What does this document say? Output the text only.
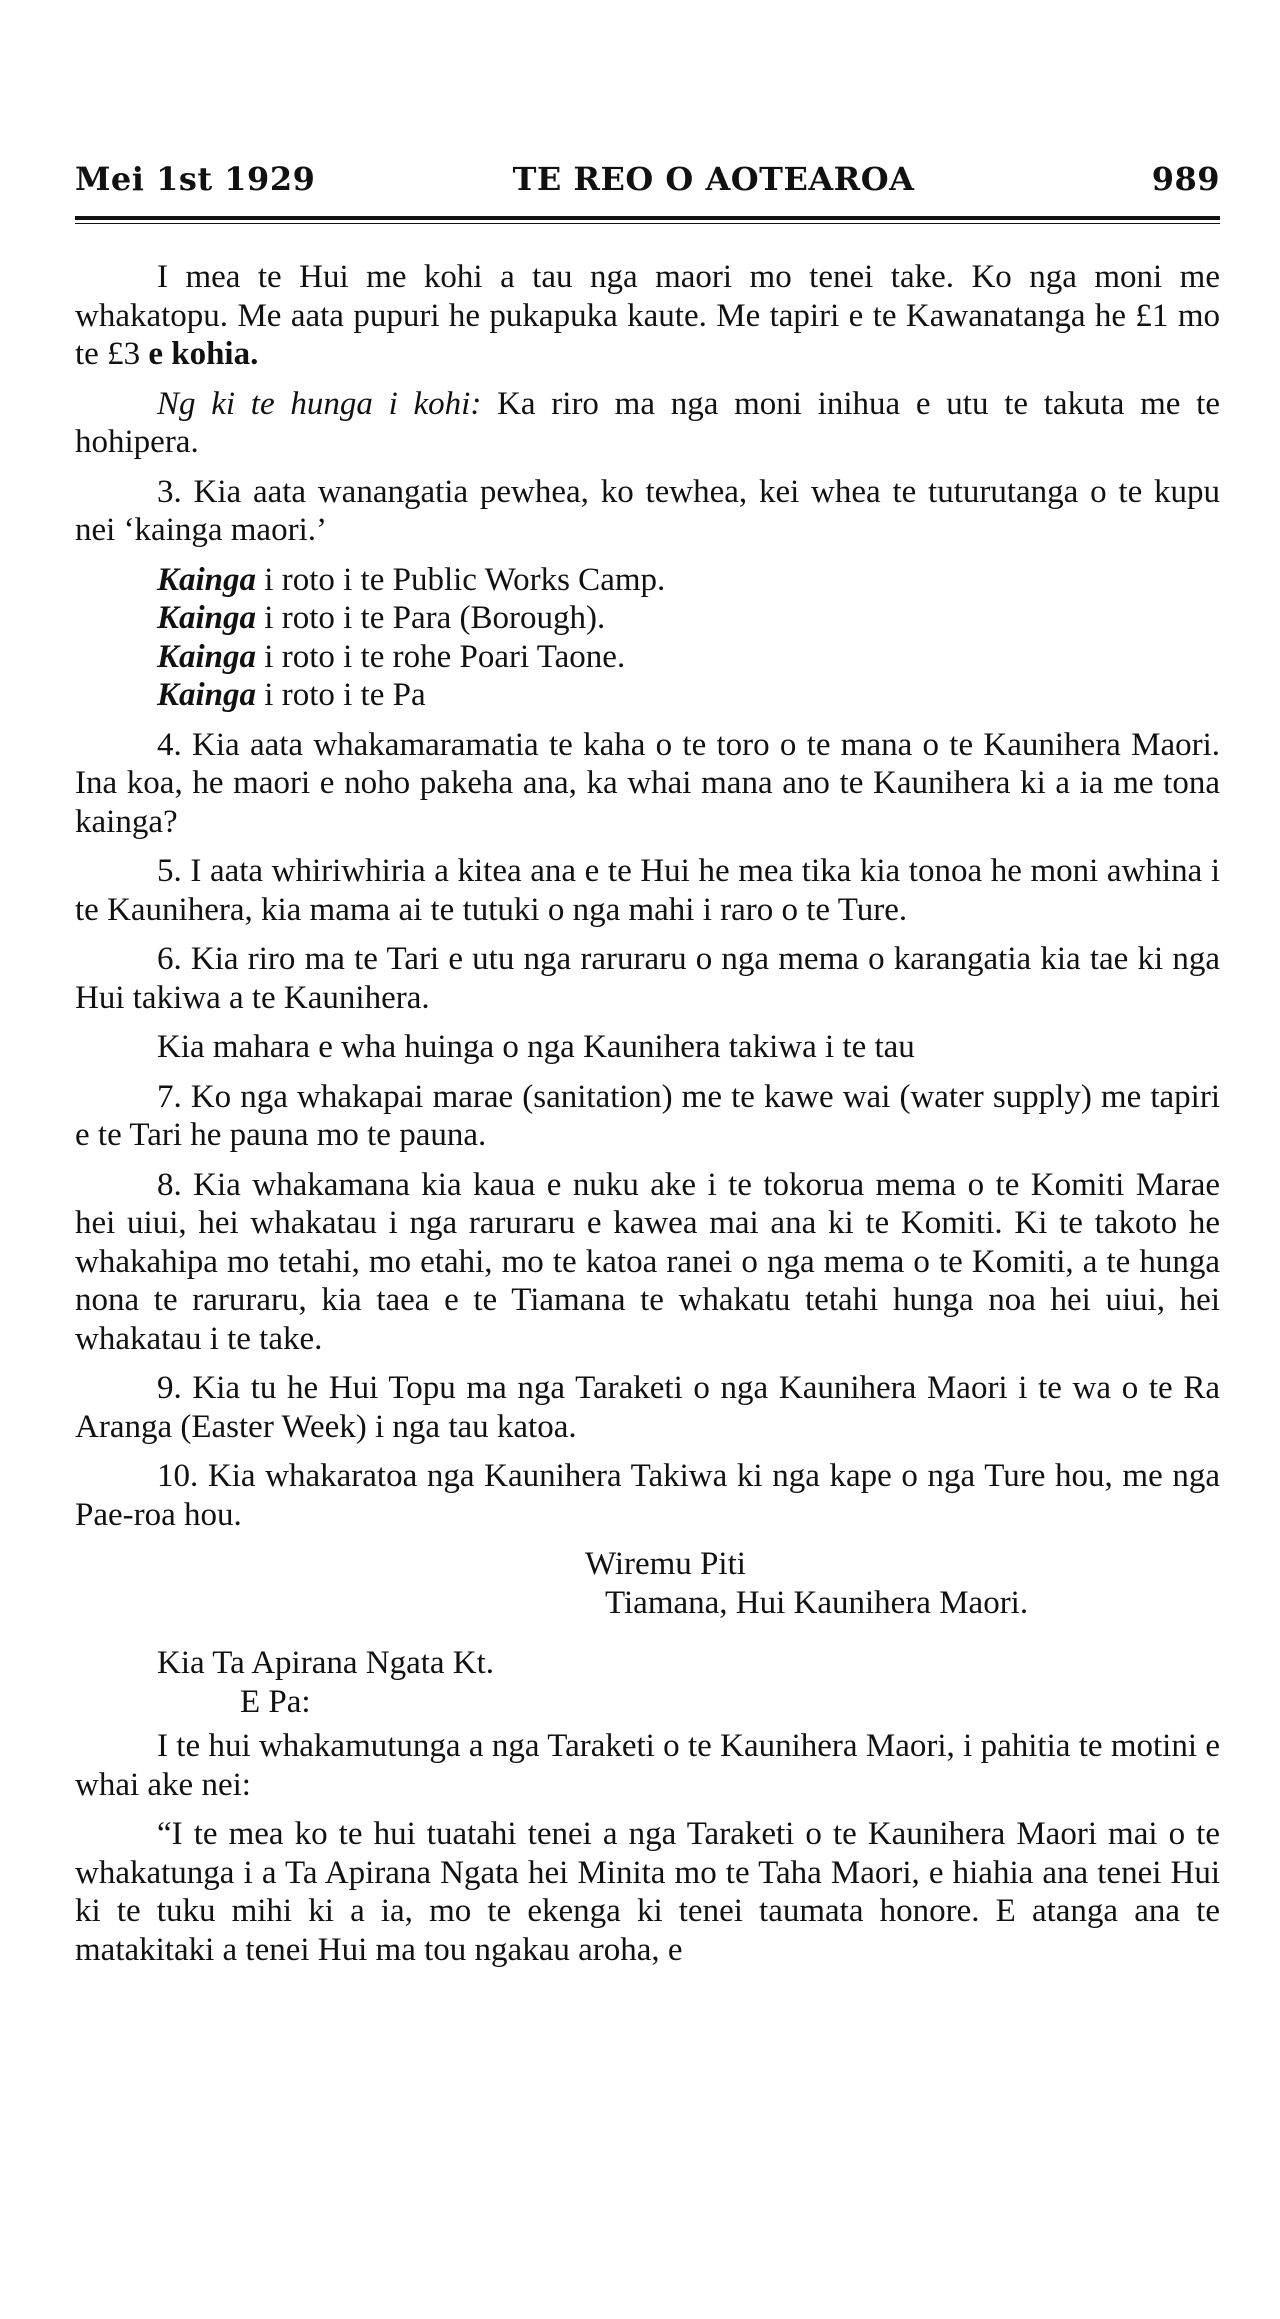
Mei 1st 1929	TE REO O AOTEAROA	989

I mea te Hui me kohi a tau nga maori mo tenei take. Ko nga moni me whakatopu. Me aata pupuri he pukapuka kaute. Me tapiri e te Kawanatanga he £1 mo te £3 e kohia.

Ng ki te hunga i kohi: Ka riro ma nga moni inihua e utu te takuta me te hohipera.

3. Kia aata wanangatia pewhea, ko tewhea, kei whea te tuturutanga o te kupu nei ‘kainga maori.’

Kainga i roto i te Public Works Camp.
Kainga i roto i te Para (Borough).
Kainga i roto i te rohe Poari Taone.
Kainga i roto i te Pa

4. Kia aata whakamaramatia te kaha o te toro o te mana o te Kaunihera Maori. Ina koa, he maori e noho pakeha ana, ka whai mana ano te Kaunihera ki a ia me tona kainga?

5. I aata whiriwhiria a kitea ana e te Hui he mea tika kia tonoa he moni awhina i te Kaunihera, kia mama ai te tutuki o nga mahi i raro o te Ture.

6. Kia riro ma te Tari e utu nga raruraru o nga mema o karangatia kia tae ki nga Hui takiwa a te Kaunihera.

Kia mahara e wha huinga o nga Kaunihera takiwa i te tau

7. Ko nga whakapai marae (sanitation) me te kawe wai (water supply) me tapiri e te Tari he pauna mo te pauna.

8. Kia whakamana kia kaua e nuku ake i te tokorua mema o te Komiti Marae hei uiui, hei whakatau i nga raruraru e kawea mai ana ki te Komiti. Ki te takoto he whakahipa mo tetahi, mo etahi, mo te katoa ranei o nga mema o te Komiti, a te hunga nona te raruraru, kia taea e te Tiamana te whakatu tetahi hunga noa hei uiui, hei whakatau i te take.

9. Kia tu he Hui Topu ma nga Taraketi o nga Kaunihera Maori i te wa o te Ra Aranga (Easter Week) i nga tau katoa.

10. Kia whakaratoa nga Kaunihera Takiwa ki nga kape o nga Ture hou, me nga Pae-roa hou.

Wiremu Piti
Tiamana, Hui Kaunihera Maori.
Kia Ta Apirana Ngata Kt.
E Pa:

I te hui whakamutunga a nga Taraketi o te Kaunihera Maori, i pahitia te motini e whai ake nei:

“I te mea ko te hui tuatahi tenei a nga Taraketi o te Kaunihera Maori mai o te whakatunga i a Ta Apirana Ngata hei Minita mo te Taha Maori, e hiahia ana tenei Hui ki te tuku mihi ki a ia, mo te ekenga ki tenei taumata honore. E atanga ana te matakitaki a tenei Hui ma tou ngakau aroha, e
